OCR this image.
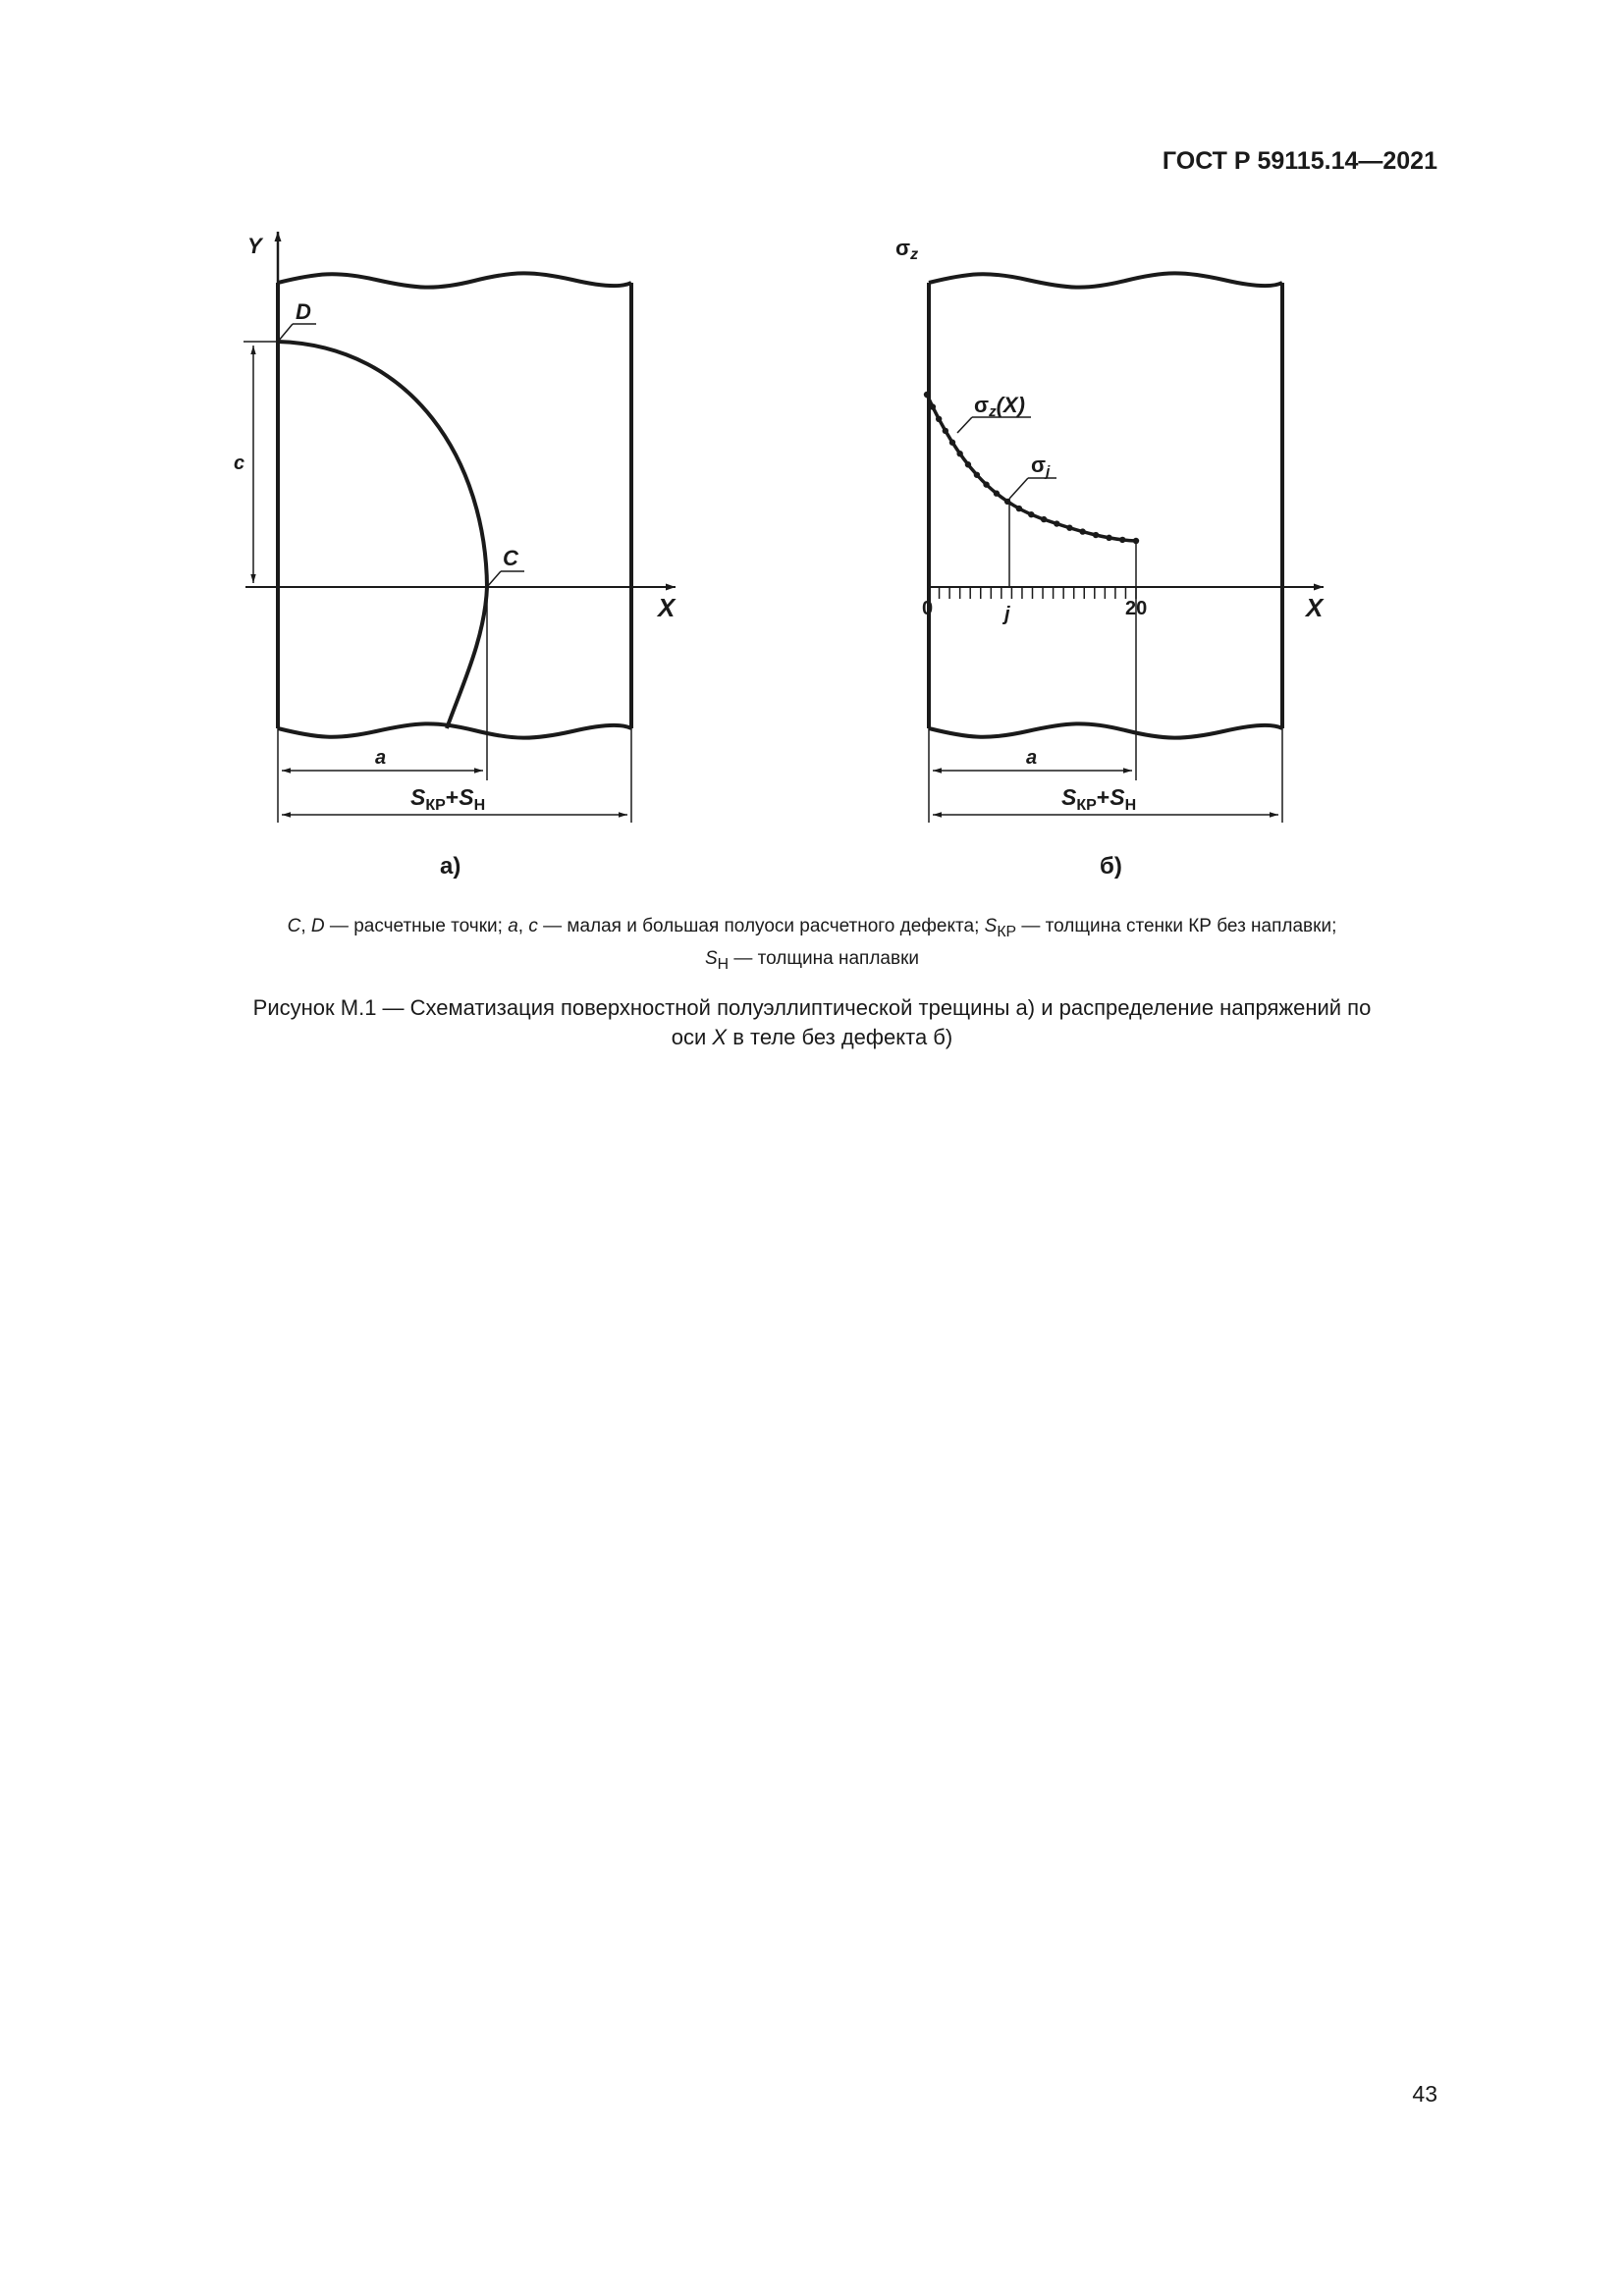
ГОСТ Р 59115.14—2021
Y
X
D
C
c
a
$S_{КР}+S_Н$
а)
σz
X
σz(X)
σj
0	j	20
a
$S_{КР}+S_Н$
б)
C, D — расчетные точки; a, c — малая и большая полуоси расчетного дефекта; $S_{КР}$ — толщина стенки КР без наплавки;
$S_Н$ — толщина наплавки
Рисунок М.1 — Схематизация поверхностной полуэллиптической трещины а) и распределение напряжений по
оси X в теле без дефекта б)
43
